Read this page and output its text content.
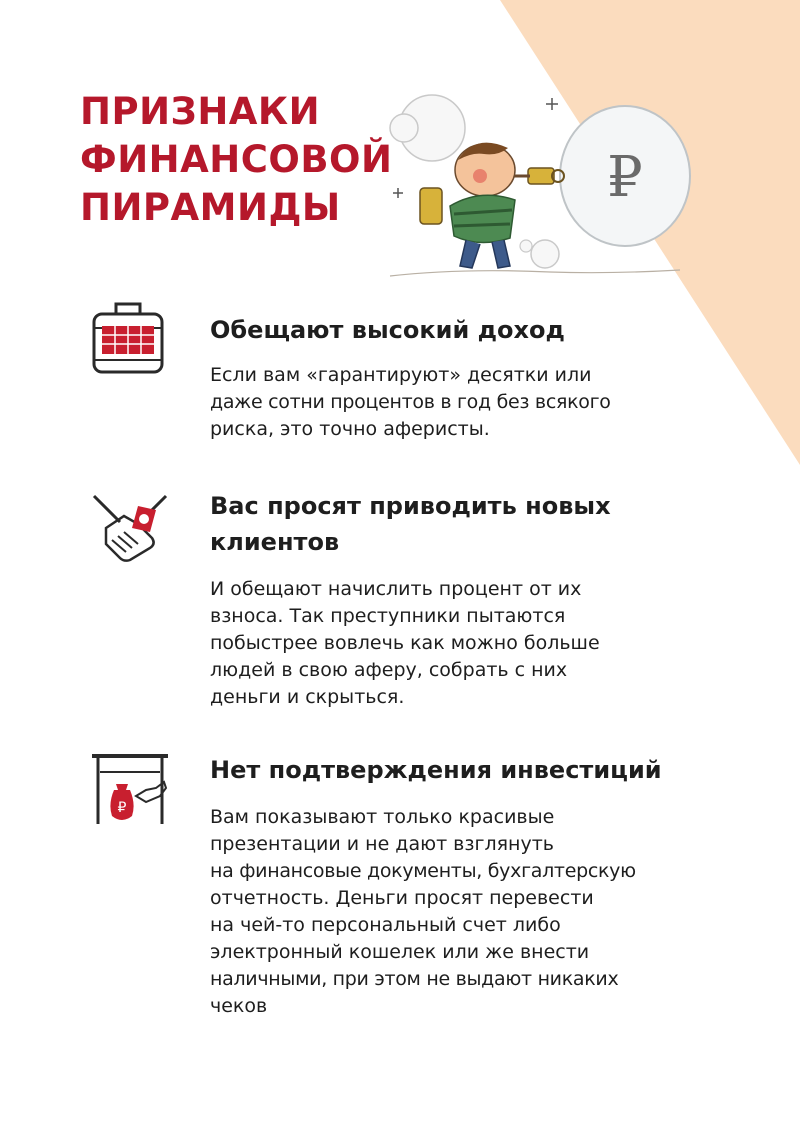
ПРИЗНАКИ
ФИНАНСОВОЙ
ПИРАМИДЫ	₽
Обещают высокий доход
Если вам «гарантируют» десятки или
даже сотни процентов в год без всякого
риска, это точно аферисты.
Вас просят приводить новых клиентов
И обещают начислить процент от их
взноса. Так преступники пытаются
побыстрее вовлечь как можно больше
людей в свою аферу, собрать с них
деньги и скрыться.
₽
Нет подтверждения инвестиций
Вам показывают только красивые
презентации и не дают взглянуть
на финансовые документы, бухгалтерскую
отчетность. Деньги просят перевести
на чей-то персональный счет либо
электронный кошелек или же внести
наличными, при этом не выдают никаких
чеков
